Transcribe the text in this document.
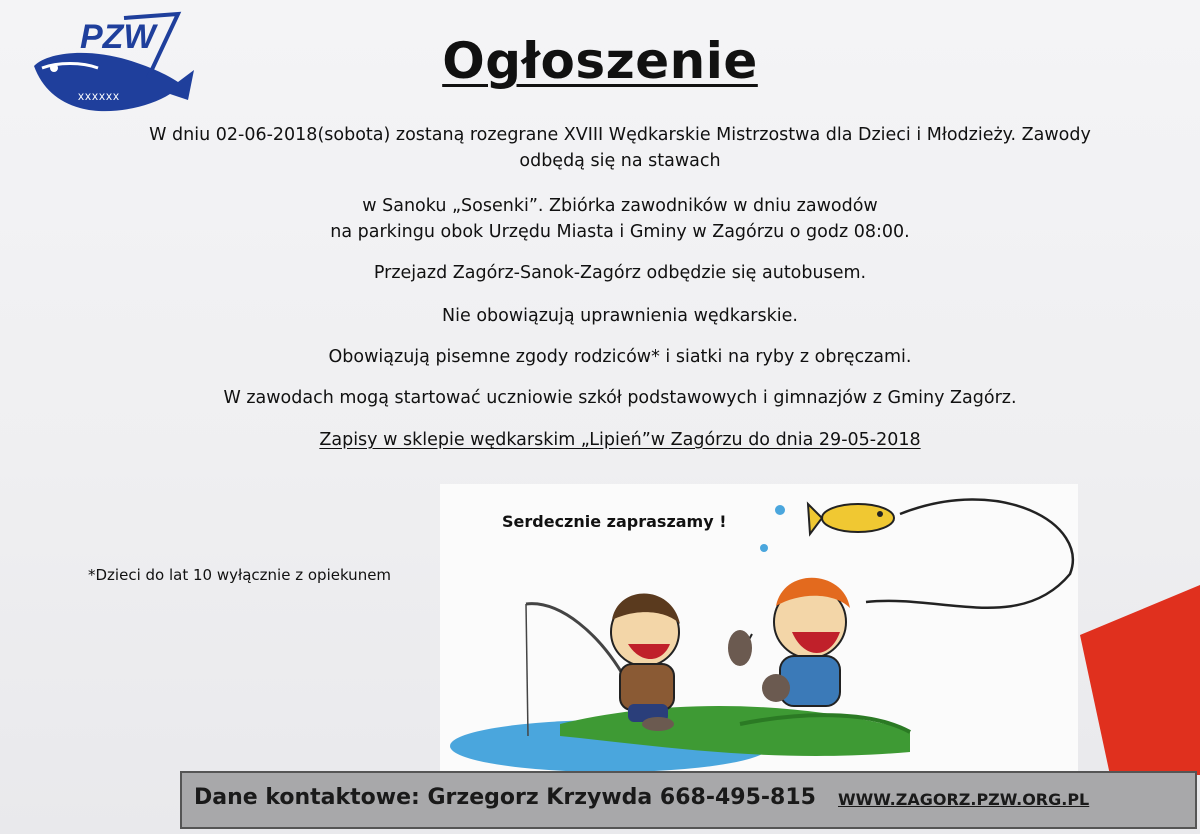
PZW
xxxxxx
Ogłoszenie
W dniu 02-06-2018(sobota) zostaną rozegrane XVIII Wędkarskie Mistrzostwa dla Dzieci i Młodzieży. Zawody
odbędą się na stawach
w Sanoku „Sosenki”. Zbiórka zawodników w dniu zawodów
na parkingu obok Urzędu Miasta i Gminy w Zagórzu o godz 08:00.
Przejazd Zagórz-Sanok-Zagórz odbędzie się autobusem.
Nie obowiązują uprawnienia wędkarskie.
Obowiązują pisemne zgody rodziców* i siatki na ryby z obręczami.
W zawodach mogą startować uczniowie szkół podstawowych i gimnazjów z Gminy Zagórz.
Zapisy w sklepie wędkarskim „Lipień”w Zagórzu do dnia 29-05-2018
*Dzieci do lat 10 wyłącznie z opiekunem
Serdecznie zapraszamy !
Dane kontaktowe: Grzegorz Krzywda 668-495-815 WWW.ZAGORZ.PZW.ORG.PL
